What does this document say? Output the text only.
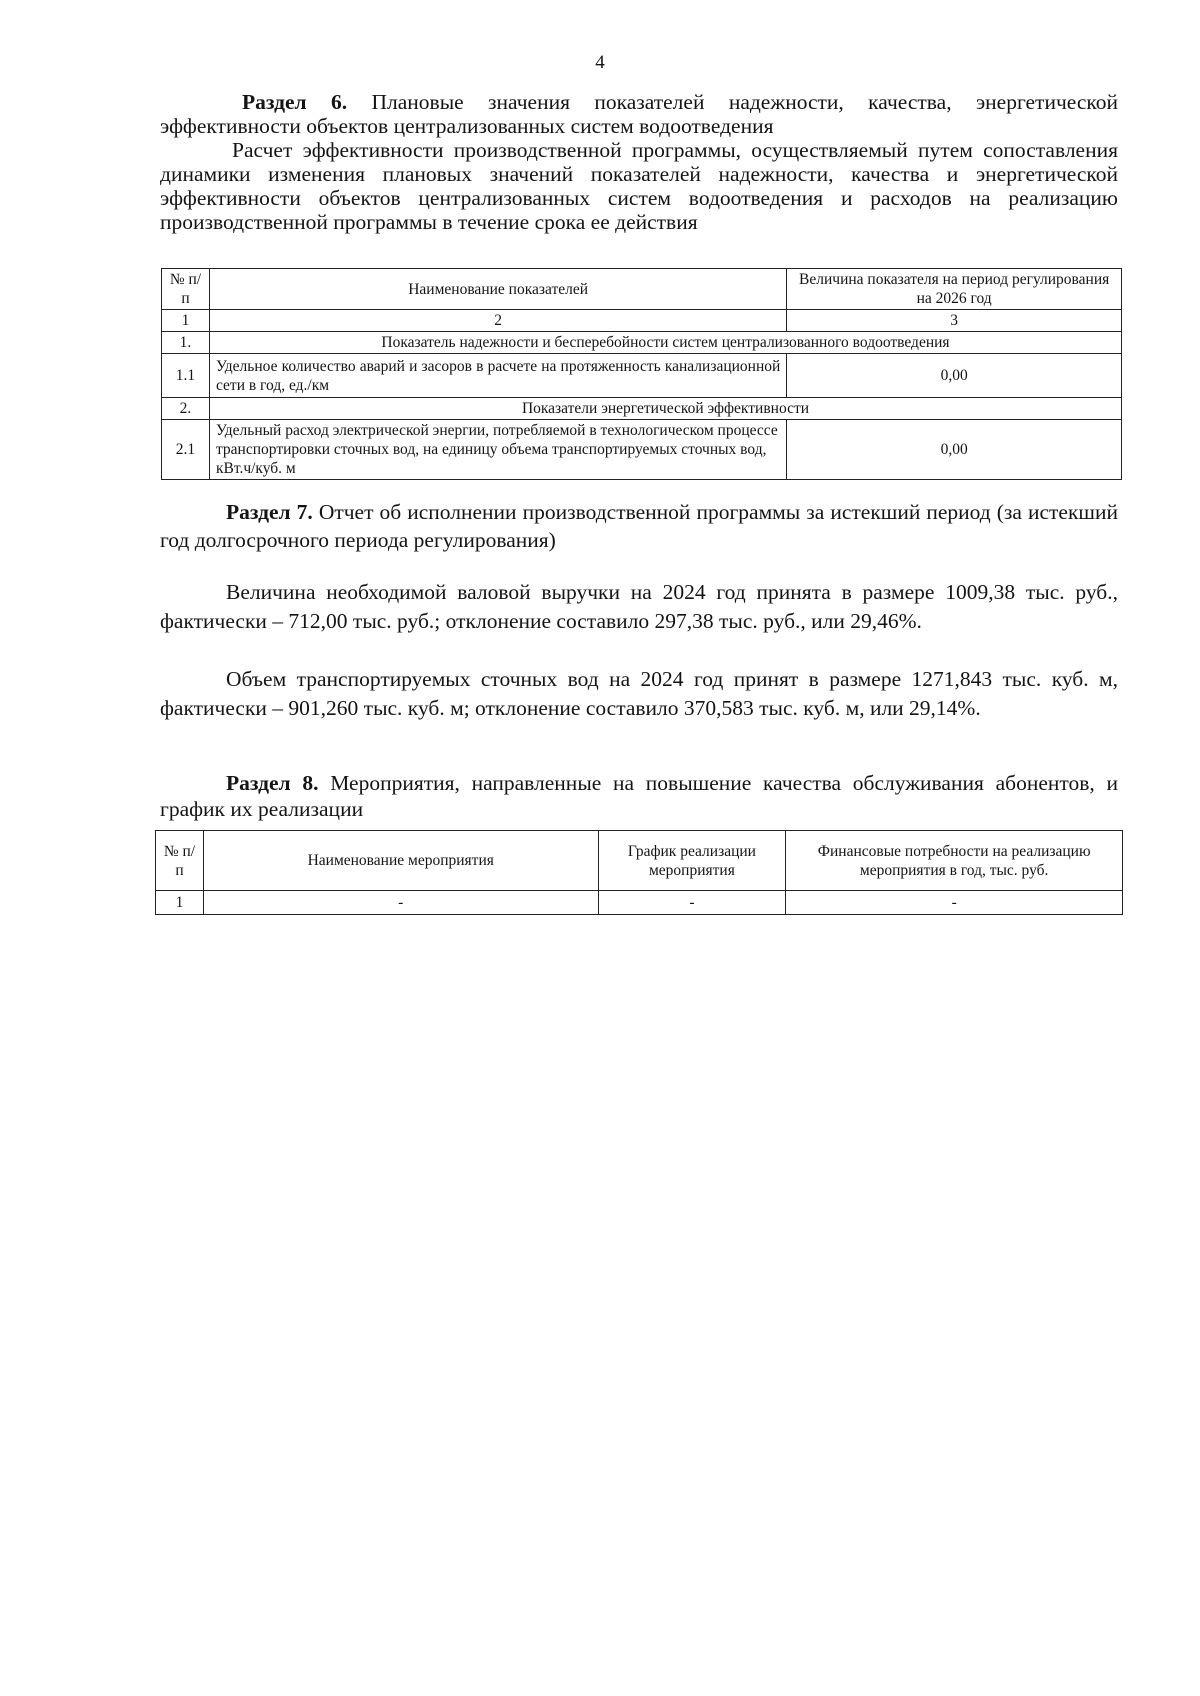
4
Раздел 6. Плановые значения показателей надежности, качества, энергетической эффективности объектов централизованных систем водоотведения
Расчет эффективности производственной программы, осуществляемый путем сопоставления динамики изменения плановых значений показателей надежности, качества и энергетической эффективности объектов централизованных систем водоотведения и расходов на реализацию производственной программы в течение срока ее действия
№ п/п	Наименование показателей	Величина показателя на период регулирования на 2026 год
1	2	3
1.	Показатель надежности и бесперебойности систем централизованного водоотведения	
1.1	Удельное количество аварий и засоров в расчете на протяженность канализационной сети в год, ед./км	0,00
2.	Показатели энергетической эффективности	
2.1	Удельный расход электрической энергии, потребляемой в технологическом процессе транспортировки сточных вод, на единицу объема транспортируемых сточных вод, кВт.ч/куб. м	0,00
Раздел 7. Отчет об исполнении производственной программы за истекший период (за истекший год долгосрочного периода регулирования)
Величина необходимой валовой выручки на 2024 год принята в размере 1009,38 тыс. руб., фактически – 712,00 тыс. руб.; отклонение составило 297,38 тыс. руб., или 29,46%.
Объем транспортируемых сточных вод на 2024 год принят в размере 1271,843 тыс. куб. м, фактически – 901,260 тыс. куб. м; отклонение составило 370,583 тыс. куб. м, или 29,14%.
Раздел 8. Мероприятия, направленные на повышение качества обслуживания абонентов, и график их реализации
№ п/п	Наименование мероприятия	График реализации мероприятия	Финансовые потребности на реализацию мероприятия в год, тыс. руб.
1	-	-	-
